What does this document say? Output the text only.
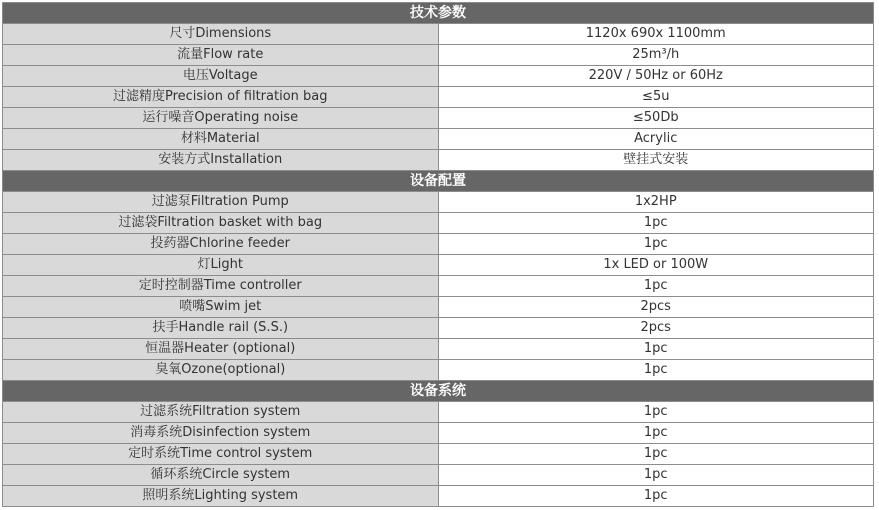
技术参数	
尺寸Dimensions	1120x 690x 1100mm
流量Flow rate	25m³/h
电压Voltage	220V / 50Hz or 60Hz
过滤精度Precision of filtration bag	≤5u
运行噪音Operating noise	≤50Db
材料Material	Acrylic
安装方式Installation	壁挂式安装
设备配置	
过滤泵Filtration Pump	1x2HP
过滤袋Filtration basket with bag	1pc
投药器Chlorine feeder	1pc
灯Light	1x LED or 100W
定时控制器Time controller	1pc
喷嘴Swim jet	2pcs
扶手Handle rail (S.S.)	2pcs
恒温器Heater (optional)	1pc
臭氧Ozone(optional)	1pc
设备系统	
过滤系统Filtration system	1pc
消毒系统Disinfection system	1pc
定时系统Time control system	1pc
循环系统Circle system	1pc
照明系统Lighting system	1pc
